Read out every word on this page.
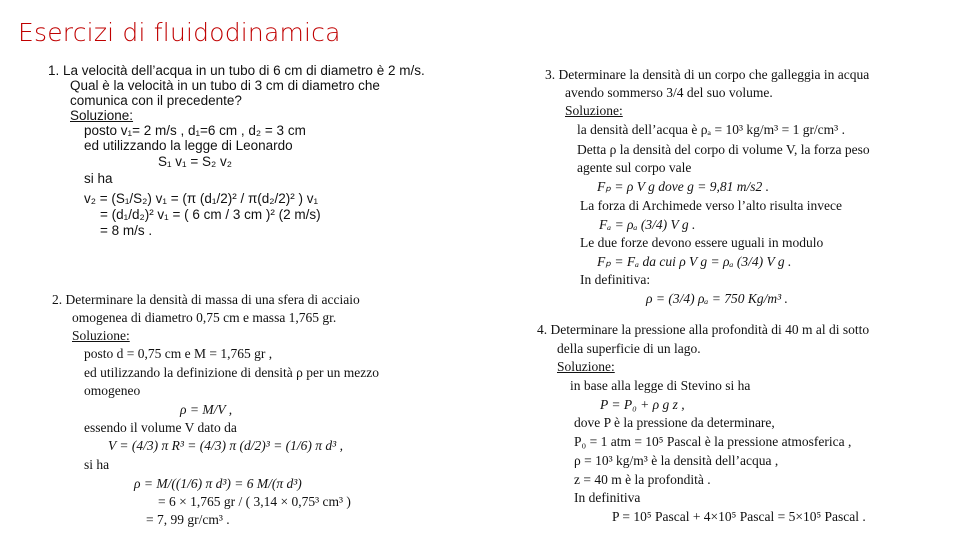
Esercizi di fluidodinamica
1. La velocità dell’acqua in un tubo di 6 cm di diametro è 2 m/s.
Qual è la velocità in un tubo di 3 cm di diametro che
comunica con il precedente?
Soluzione:
posto v₁= 2 m/s , d₁=6 cm , d₂ = 3 cm
ed utilizzando la legge di Leonardo
S₁ v₁ = S₂ v₂
si ha
v₂ = (S₁/S₂) v₁ = (π (d₁/2)² / π(d₂/2)² ) v₁
= (d₁/d₂)² v₁ = ( 6 cm / 3 cm )² (2 m/s)
= 8 m/s .
2. Determinare la densità di massa di una sfera di acciaio
omogenea di diametro 0,75 cm e massa 1,765 gr.
Soluzione:
posto d = 0,75 cm e M = 1,765 gr ,
ed utilizzando la definizione di densità ρ per un mezzo
omogeneo
ρ = M/V ,
essendo il volume V dato da
V = (4/3) π R³ = (4/3) π (d/2)³ = (1/6) π d³ ,
si ha
ρ = M/((1/6) π d³) = 6 M/(π d³)
= 6 × 1,765 gr / ( 3,14 × 0,75³ cm³ )
= 7, 99 gr/cm³ .
3. Determinare la densità di un corpo che galleggia in acqua
avendo sommerso 3/4 del suo volume.
Soluzione:
la densità dell’acqua è ρₐ = 10³ kg/m³ = 1 gr/cm³ .
Detta ρ la densità del corpo di volume V, la forza peso
agente sul corpo vale
Fₚ = ρ V g dove g = 9,81 m/s2 .
La forza di Archimede verso l’alto risulta invece
Fₐ = ρₐ (3/4) V g .
Le due forze devono essere uguali in modulo
Fₚ = Fₐ da cui ρ V g = ρₐ (3/4) V g .
In definitiva:
ρ = (3/4) ρₐ = 750 Kg/m³ .
4. Determinare la pressione alla profondità di 40 m al di sotto
della superficie di un lago.
Soluzione:
in base alla legge di Stevino si ha
P = P₀ + ρ g z ,
dove P è la pressione da determinare,
P₀ = 1 atm = 10⁵ Pascal è la pressione atmosferica ,
ρ = 10³ kg/m³ è la densità dell’acqua ,
z = 40 m è la profondità .
In definitiva
P = 10⁵ Pascal + 4×10⁵ Pascal = 5×10⁵ Pascal .
